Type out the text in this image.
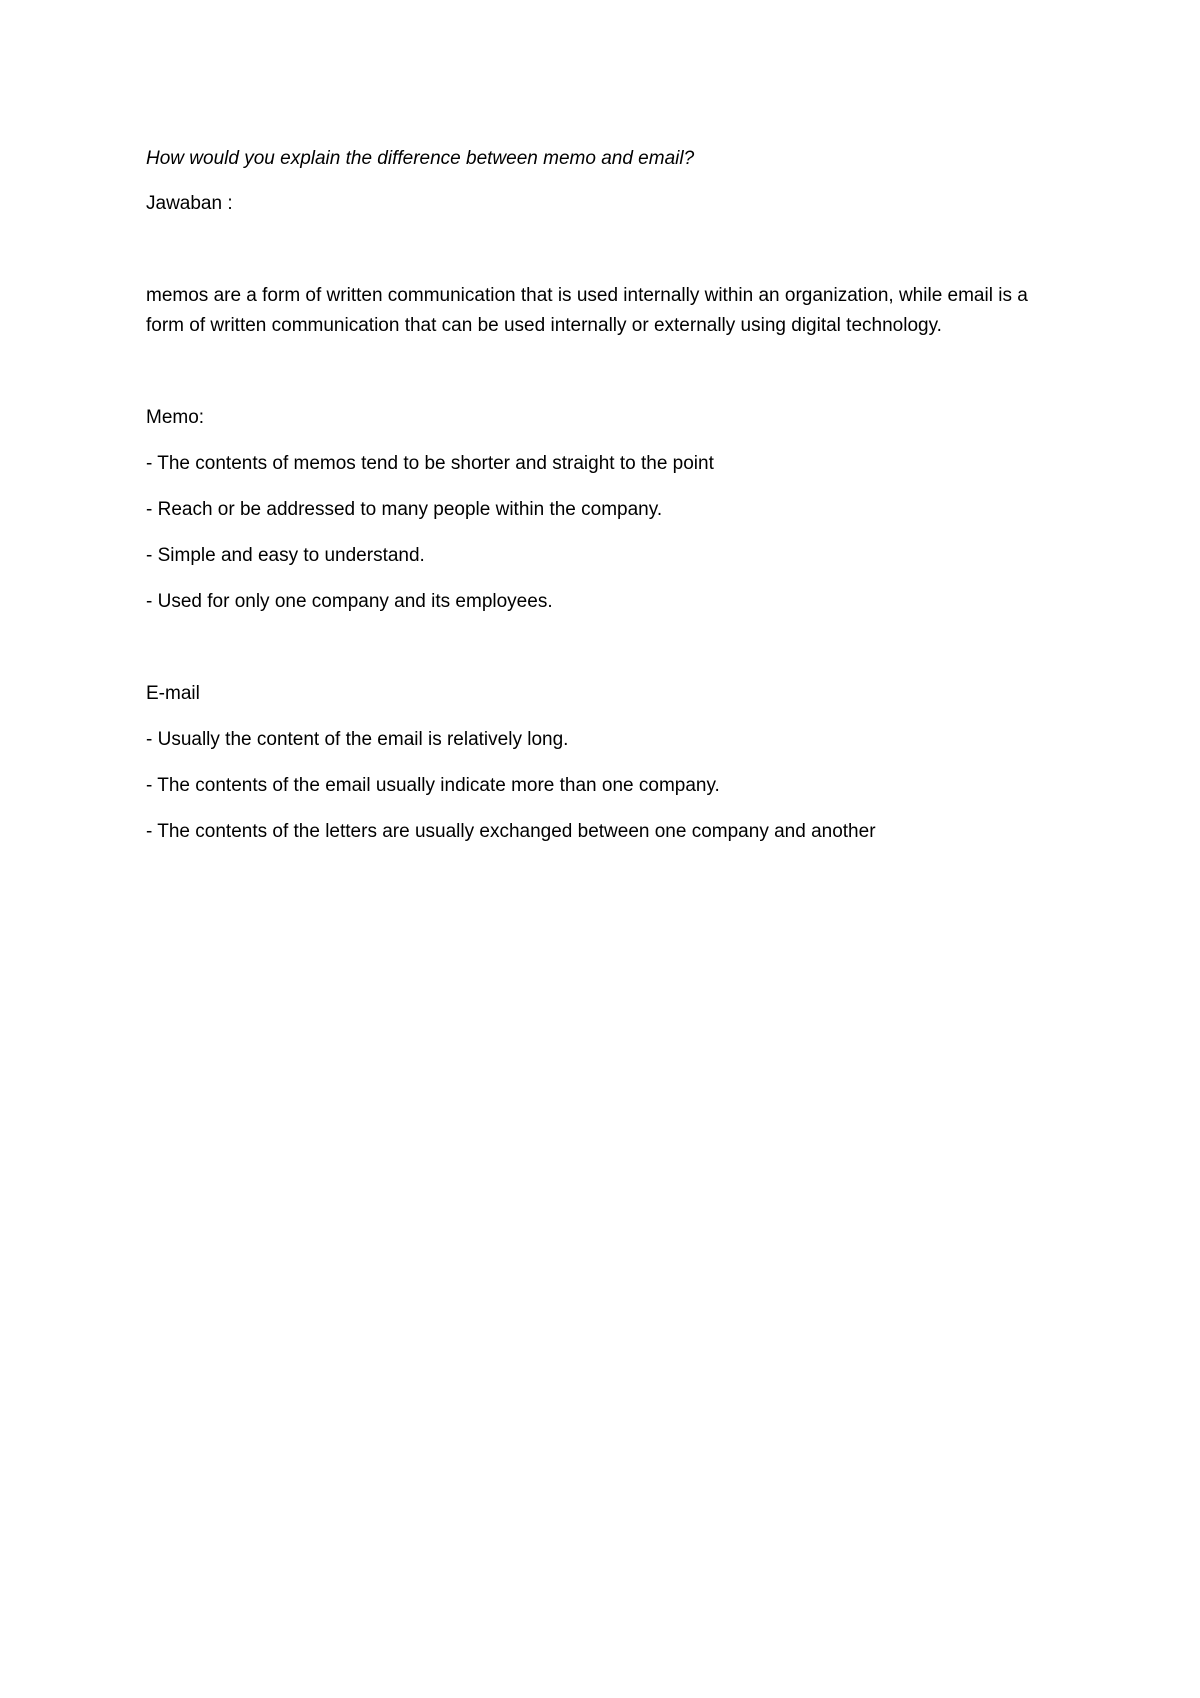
How would you explain the difference between memo and email?

Jawaban :

memos are a form of written communication that is used internally within an organization, while email is a form of written communication that can be used internally or externally using digital technology.

Memo:

- The contents of memos tend to be shorter and straight to the point
- Reach or be addressed to many people within the company.
- Simple and easy to understand.
- Used for only one company and its employees.

E-mail

- Usually the content of the email is relatively long.
- The contents of the email usually indicate more than one company.
- The contents of the letters are usually exchanged between one company and another
